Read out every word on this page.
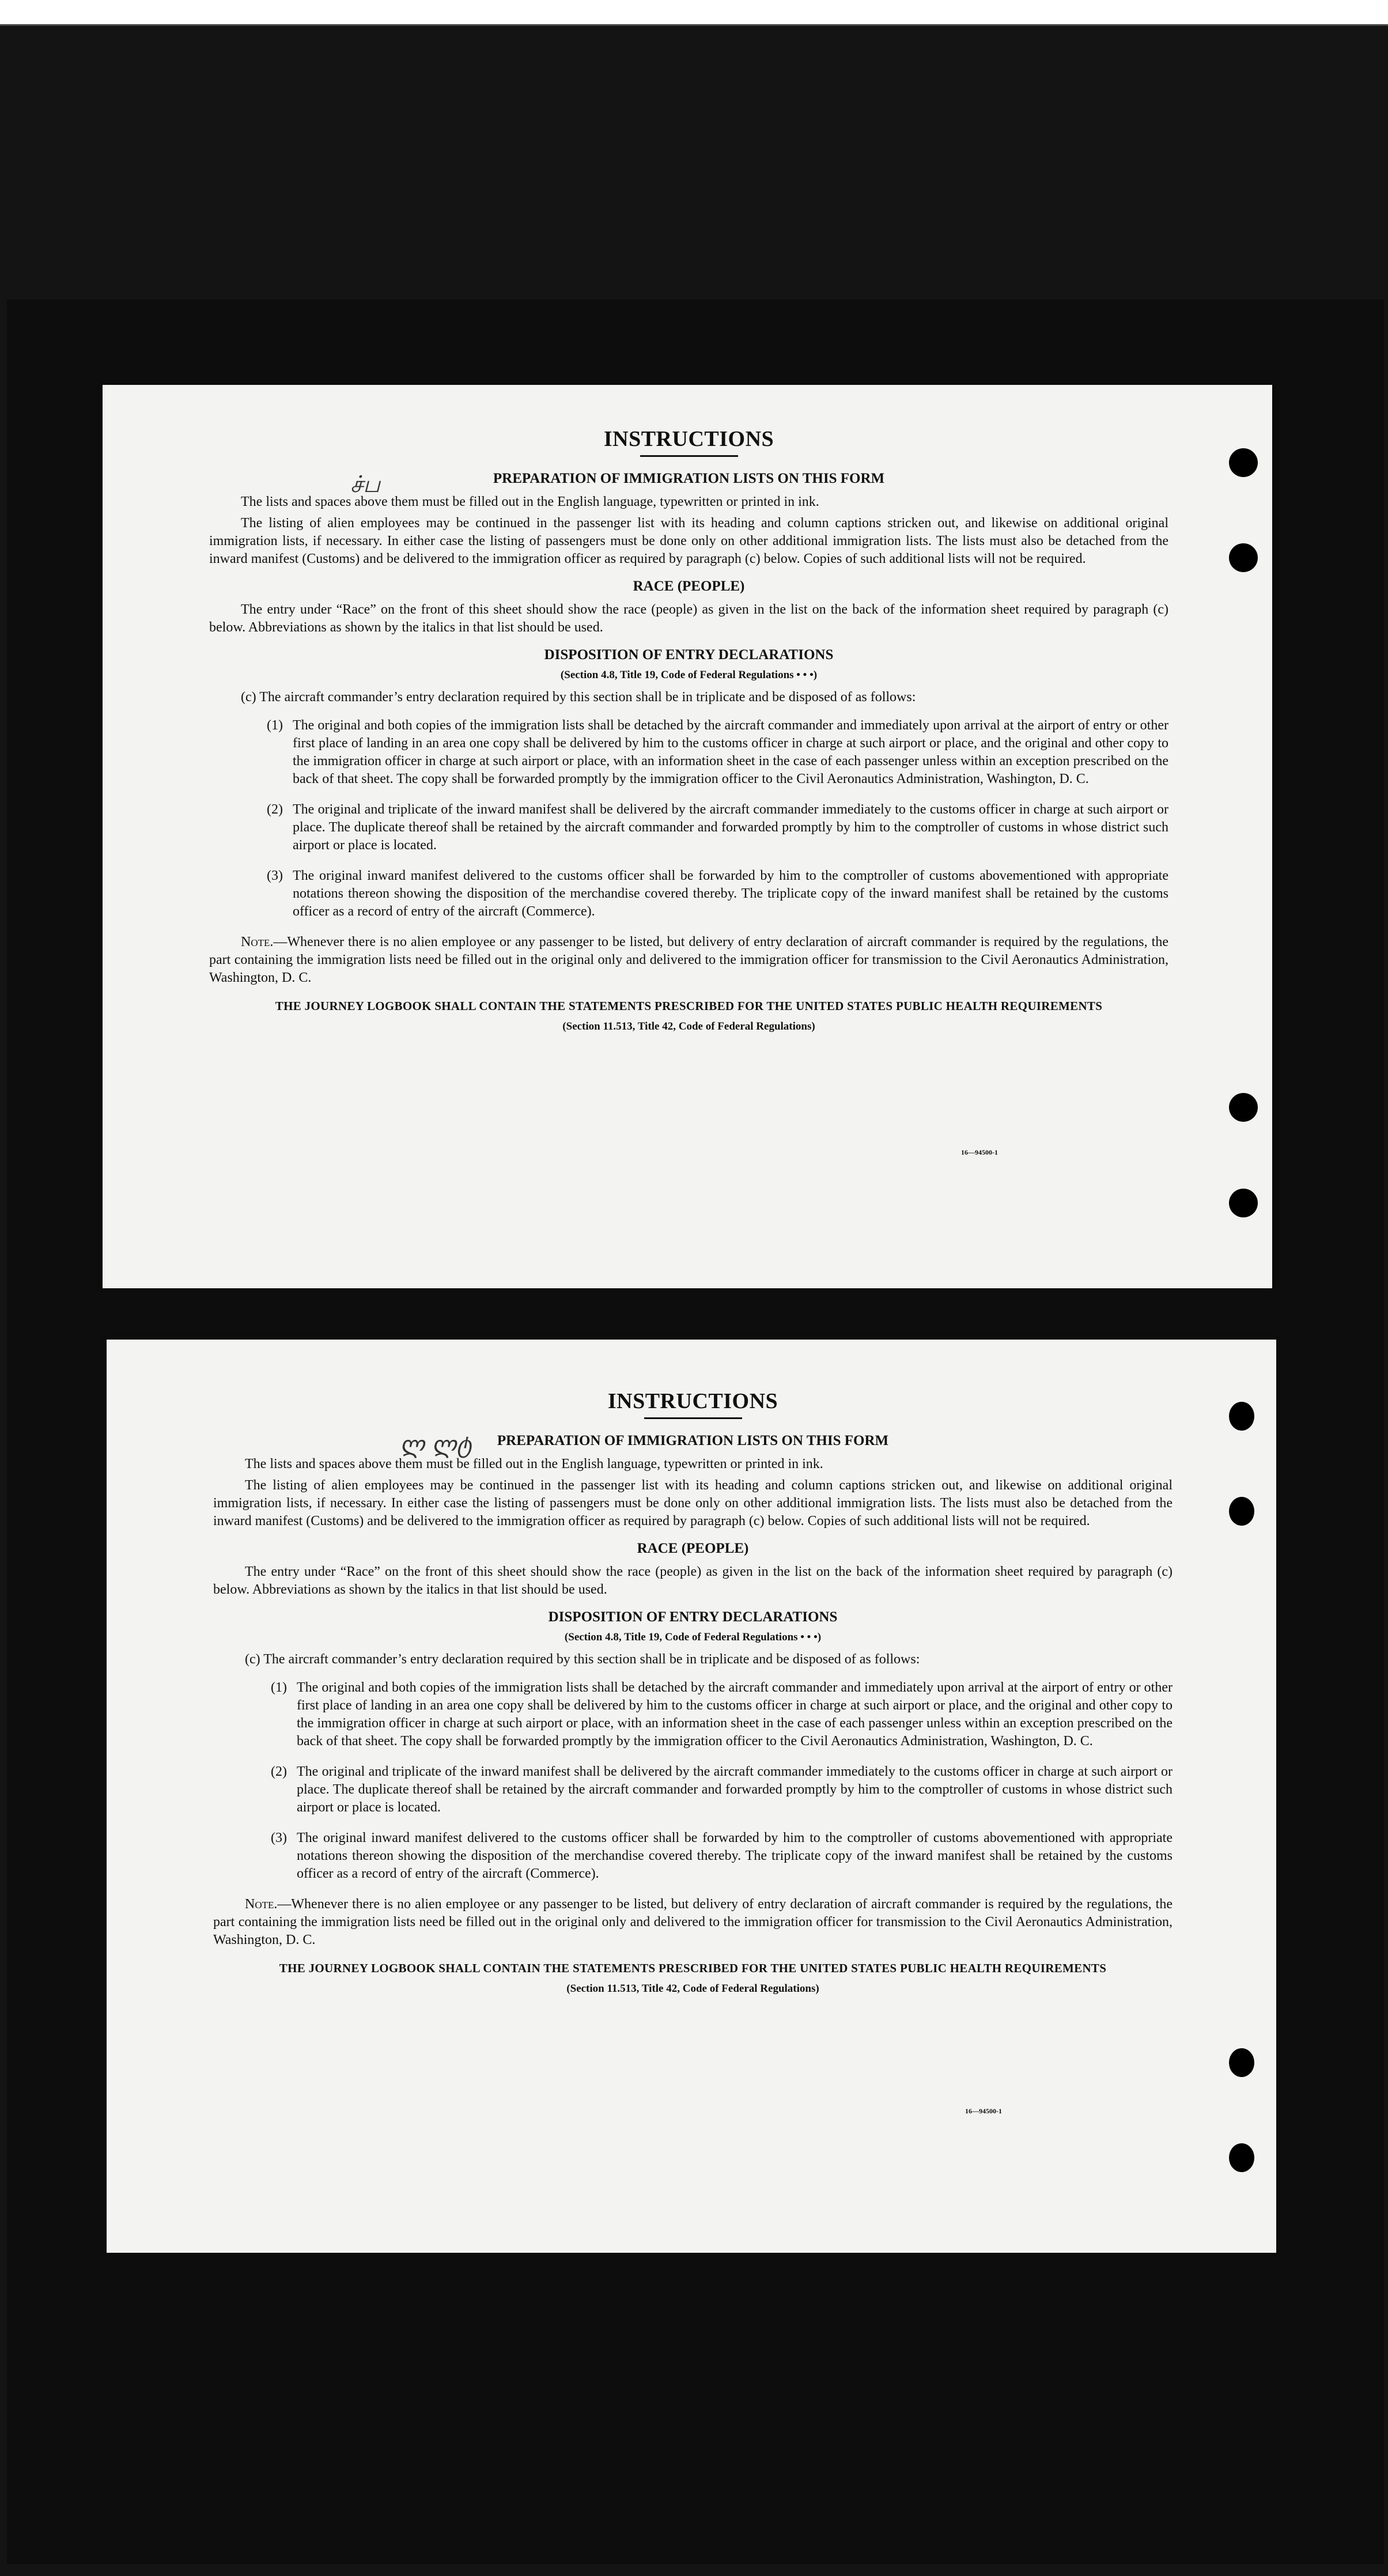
ச்ப
INSTRUCTIONS
PREPARATION OF IMMIGRATION LISTS ON THIS FORM

The lists and spaces above them must be filled out in the English language, typewritten or printed in ink.

The listing of alien employees may be continued in the passenger list with its heading and column captions stricken out, and likewise on additional original immigration lists, if necessary. In either case the listing of passengers must be done only on other additional immigration lists. The lists must also be detached from the inward manifest (Customs) and be delivered to the immigration officer as required by paragraph (c) below. Copies of such additional lists will not be required.

RACE (PEOPLE)

The entry under “Race” on the front of this sheet should show the race (people) as given in the list on the back of the information sheet required by paragraph (c) below. Abbreviations as shown by the italics in that list should be used.

DISPOSITION OF ENTRY DECLARATIONS
(Section 4.8, Title 19, Code of Federal Regulations • • •)

(c) The aircraft commander’s entry declaration required by this section shall be in triplicate and be disposed of as follows:

(1) The original and both copies of the immigration lists shall be detached by the aircraft commander and immediately upon arrival at the airport of entry or other first place of landing in an area one copy shall be delivered by him to the customs officer in charge at such airport or place, and the original and other copy to the immigration officer in charge at such airport or place, with an information sheet in the case of each passenger unless within an exception prescribed on the back of that sheet. The copy shall be forwarded promptly by the immigration officer to the Civil Aeronautics Administration, Washington, D. C.
(2) The original and triplicate of the inward manifest shall be delivered by the aircraft commander immediately to the customs officer in charge at such airport or place. The duplicate thereof shall be retained by the aircraft commander and forwarded promptly by him to the comptroller of customs in whose district such airport or place is located.
(3) The original inward manifest delivered to the customs officer shall be forwarded by him to the comptroller of customs abovementioned with appropriate notations thereon showing the disposition of the merchandise covered thereby. The triplicate copy of the inward manifest shall be retained by the customs officer as a record of entry of the aircraft (Commerce).

Note.—Whenever there is no alien employee or any passenger to be listed, but delivery of entry declaration of aircraft commander is required by the regulations, the part containing the immigration lists need be filled out in the original only and delivered to the immigration officer for transmission to the Civil Aeronautics Administration, Washington, D. C.

THE JOURNEY LOGBOOK SHALL CONTAIN THE STATEMENTS PRESCRIBED FOR THE UNITED STATES PUBLIC HEALTH REQUIREMENTS
(Section 11.513, Title 42, Code of Federal Regulations)
16—94500-1
ლ ლტ
INSTRUCTIONS
PREPARATION OF IMMIGRATION LISTS ON THIS FORM

The lists and spaces above them must be filled out in the English language, typewritten or printed in ink.

The listing of alien employees may be continued in the passenger list with its heading and column captions stricken out, and likewise on additional original immigration lists, if necessary. In either case the listing of passengers must be done only on other additional immigration lists. The lists must also be detached from the inward manifest (Customs) and be delivered to the immigration officer as required by paragraph (c) below. Copies of such additional lists will not be required.

RACE (PEOPLE)

The entry under “Race” on the front of this sheet should show the race (people) as given in the list on the back of the information sheet required by paragraph (c) below. Abbreviations as shown by the italics in that list should be used.

DISPOSITION OF ENTRY DECLARATIONS
(Section 4.8, Title 19, Code of Federal Regulations • • •)

(c) The aircraft commander’s entry declaration required by this section shall be in triplicate and be disposed of as follows:

(1) The original and both copies of the immigration lists shall be detached by the aircraft commander and immediately upon arrival at the airport of entry or other first place of landing in an area one copy shall be delivered by him to the customs officer in charge at such airport or place, and the original and other copy to the immigration officer in charge at such airport or place, with an information sheet in the case of each passenger unless within an exception prescribed on the back of that sheet. The copy shall be forwarded promptly by the immigration officer to the Civil Aeronautics Administration, Washington, D. C.
(2) The original and triplicate of the inward manifest shall be delivered by the aircraft commander immediately to the customs officer in charge at such airport or place. The duplicate thereof shall be retained by the aircraft commander and forwarded promptly by him to the comptroller of customs in whose district such airport or place is located.
(3) The original inward manifest delivered to the customs officer shall be forwarded by him to the comptroller of customs abovementioned with appropriate notations thereon showing the disposition of the merchandise covered thereby. The triplicate copy of the inward manifest shall be retained by the customs officer as a record of entry of the aircraft (Commerce).

Note.—Whenever there is no alien employee or any passenger to be listed, but delivery of entry declaration of aircraft commander is required by the regulations, the part containing the immigration lists need be filled out in the original only and delivered to the immigration officer for transmission to the Civil Aeronautics Administration, Washington, D. C.

THE JOURNEY LOGBOOK SHALL CONTAIN THE STATEMENTS PRESCRIBED FOR THE UNITED STATES PUBLIC HEALTH REQUIREMENTS
(Section 11.513, Title 42, Code of Federal Regulations)
16—94500-1
